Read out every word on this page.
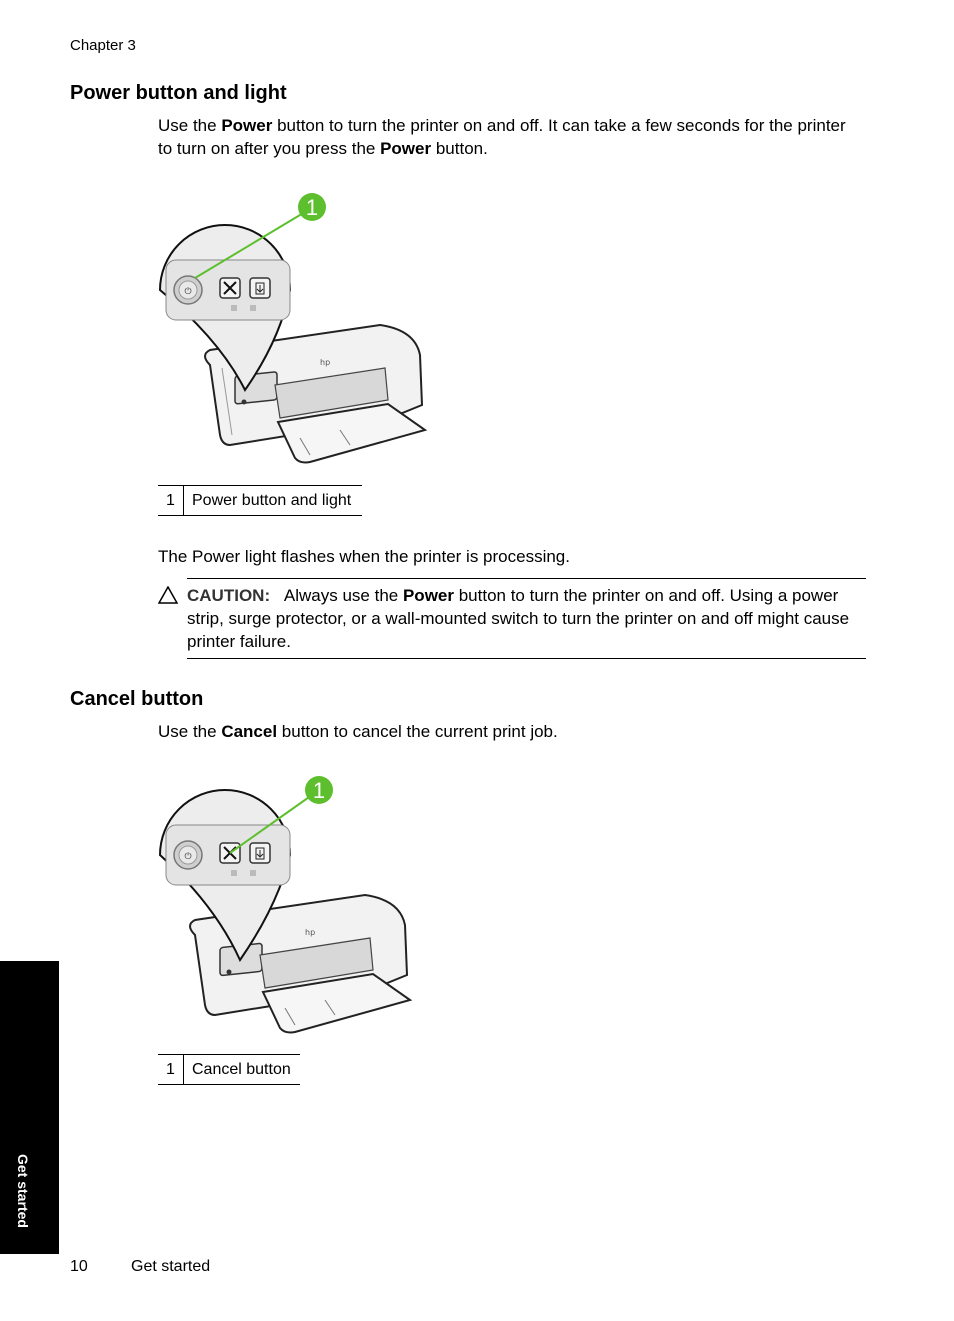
Chapter 3
Power button and light
Use the Power button to turn the printer on and off. It can take a few seconds for the printer to turn on after you press the Power button.
hp
⏻
1
1	Power button and light
The Power light flashes when the printer is processing.
CAUTION: Always use the Power button to turn the printer on and off. Using a power strip, surge protector, or a wall-mounted switch to turn the printer on and off might cause printer failure.
Cancel button
Use the Cancel button to cancel the current print job.
hp
⏻
1
1	Cancel button
Get started
10	Get started
